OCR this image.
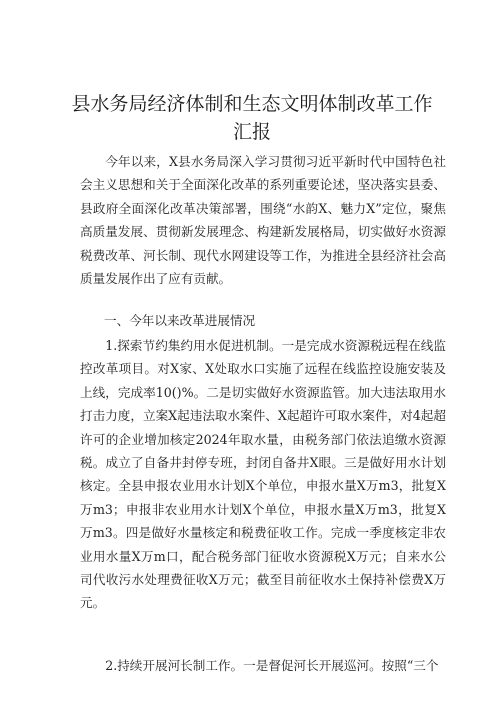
县水务局经济体制和生态文明体制改革工作汇报

今年以来，X县水务局深入学习贯彻习近平新时代中国特色社会主义思想和关于全面深化改革的系列重要论述，坚决落实县委、县政府全面深化改革决策部署，围绕“水韵X、魅力X”定位，聚焦高质量发展、贯彻新发展理念、构建新发展格局，切实做好水资源税费改革、河长制、现代水网建设等工作，为推进全县经济社会高质量发展作出了应有贡献。

一、今年以来改革进展情况

1.探索节约集约用水促进机制。一是完成水资源税远程在线监控改革项目。对X家、X处取水口实施了远程在线监控设施安装及上线，完成率10()%。二是切实做好水资源监管。加大违法取用水打击力度，立案X起违法取水案件、X起超许可取水案件，对4起超许可的企业增加核定2024年取水量，由税务部门依法追缴水资源税。成立了自备井封停专班，封闭自备井X眼。三是做好用水计划核定。全县申报农业用水计划X个单位，申报水量X万m3，批复X万m3；申报非农业用水计划X个单位，申报水量X万m3，批复X万m3。四是做好水量核定和税费征收工作。完成一季度核定非农业用水量X万m口，配合税务部门征收水资源税X万元；自来水公司代收污水处理费征收X万元；截至目前征收水土保持补偿费X万元。

2.持续开展河长制工作。一是督促河长开展巡河。按照“三个
